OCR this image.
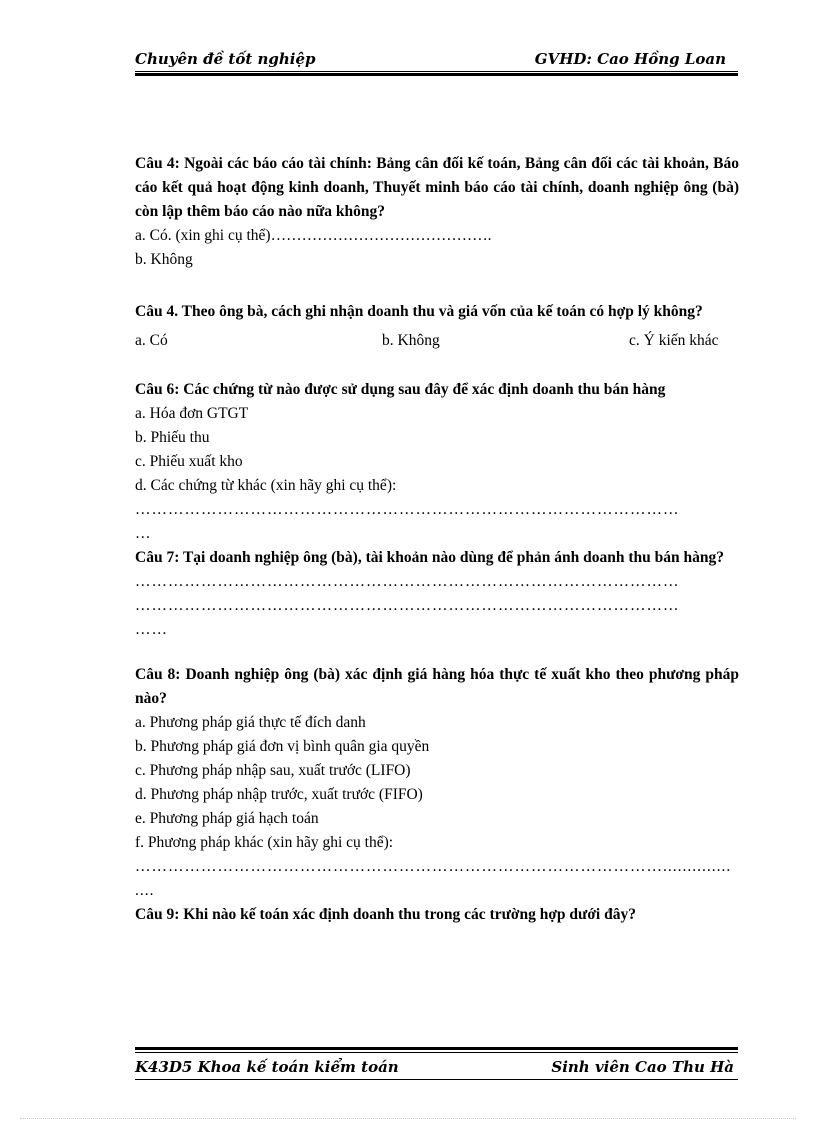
Chuyên đề tốt nghiệp	GVHD: Cao Hồng Loan

Câu 4: Ngoài các báo cáo tài chính: Bảng cân đối kế toán, Bảng cân đối các tài khoản, Báo cáo kết quả hoạt động kinh doanh, Thuyết minh báo cáo tài chính, doanh nghiệp ông (bà) còn lập thêm báo cáo nào nữa không?

a. Có. (xin ghi cụ thể)…………………………………….

b. Không

Câu 4. Theo ông bà, cách ghi nhận doanh thu và giá vốn của kế toán có hợp lý không?

a. Có	b. Không	c. Ý kiến khác

Câu 6: Các chứng từ nào được sử dụng sau đây để xác định doanh thu bán hàng

a. Hóa đơn GTGT

b. Phiếu thu

c. Phiếu xuất kho

d. Các chứng từ khác (xin hãy ghi cụ thể):

………………………………………………………………………………………

…

Câu 7: Tại doanh nghiệp ông (bà), tài khoản nào dùng để phản ánh doanh thu bán hàng?

………………………………………………………………………………………

………………………………………………………………………………………

……

Câu 8: Doanh nghiệp ông (bà) xác định giá hàng hóa thực tế xuất kho theo phương pháp nào?

a. Phương pháp giá thực tế đích danh

b. Phương pháp giá đơn vị bình quân gia quyền

c. Phương pháp nhập sau, xuất trước (LIFO)

d. Phương pháp nhập trước, xuất trước (FIFO)

e. Phương pháp giá hạch toán

f. Phương pháp khác (xin hãy ghi cụ thể):

……………………………………………………………………………………..............

....

Câu 9: Khi nào kế toán xác định doanh thu trong các trường hợp dưới đây?

K43D5 Khoa kế toán kiểm toán	Sinh viên Cao Thu Hà
